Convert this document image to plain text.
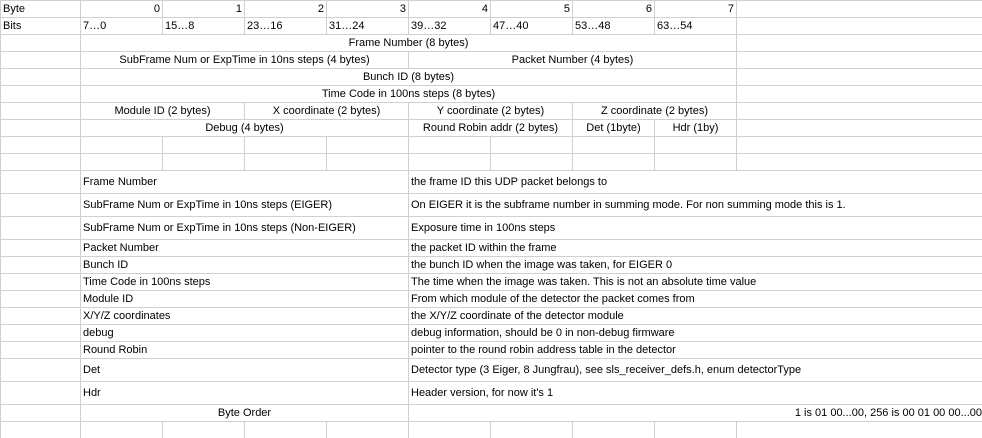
Byte	0	1	2	3	4	5	6	7	
Bits	7…0	15…8	23…16	31…24	39…32	47…40	53…48	63…54	
	Frame Number (8 bytes)								
	SubFrame Num or ExpTime in 10ns steps (4 bytes)				Packet Number (4 bytes)				
	Bunch ID (8 bytes)								
	Time Code in 100ns steps (8 bytes)								
	Module ID (2 bytes)		X coordinate (2 bytes)		Y coordinate (2 bytes)		Z coordinate (2 bytes)		
	Debug (4 bytes)				Round Robin addr (2 bytes)		Det (1byte)	Hdr (1by)	

	Frame Number				the frame ID this UDP packet belongs to				
	SubFrame Num or ExpTime in 10ns steps (EIGER)				On EIGER it is the subframe number in summing mode. For non summing mode this is 1.				
	SubFrame Num or ExpTime in 10ns steps (Non-EIGER)				Exposure time in 100ns steps				
	Packet Number				the packet ID within the frame				
	Bunch ID				the bunch ID when the image was taken, for EIGER 0				
	Time Code in 100ns steps				The time when the image was taken. This is not an absolute time value				
	Module ID				From which module of the detector the packet comes from				
	X/Y/Z coordinates				the X/Y/Z coordinate of the detector module				
	debug				debug information, should be 0 in non-debug firmware				
	Round Robin				pointer to the round robin address table in the detector				
	Det				Detector type (3 Eiger, 8 Jungfrau), see sls_receiver_defs.h, enum detectorType				
	Hdr				Header version, for now it's 1				
	Byte Order				1 is 01 00...00, 256 is 00 01 00 00...00				
